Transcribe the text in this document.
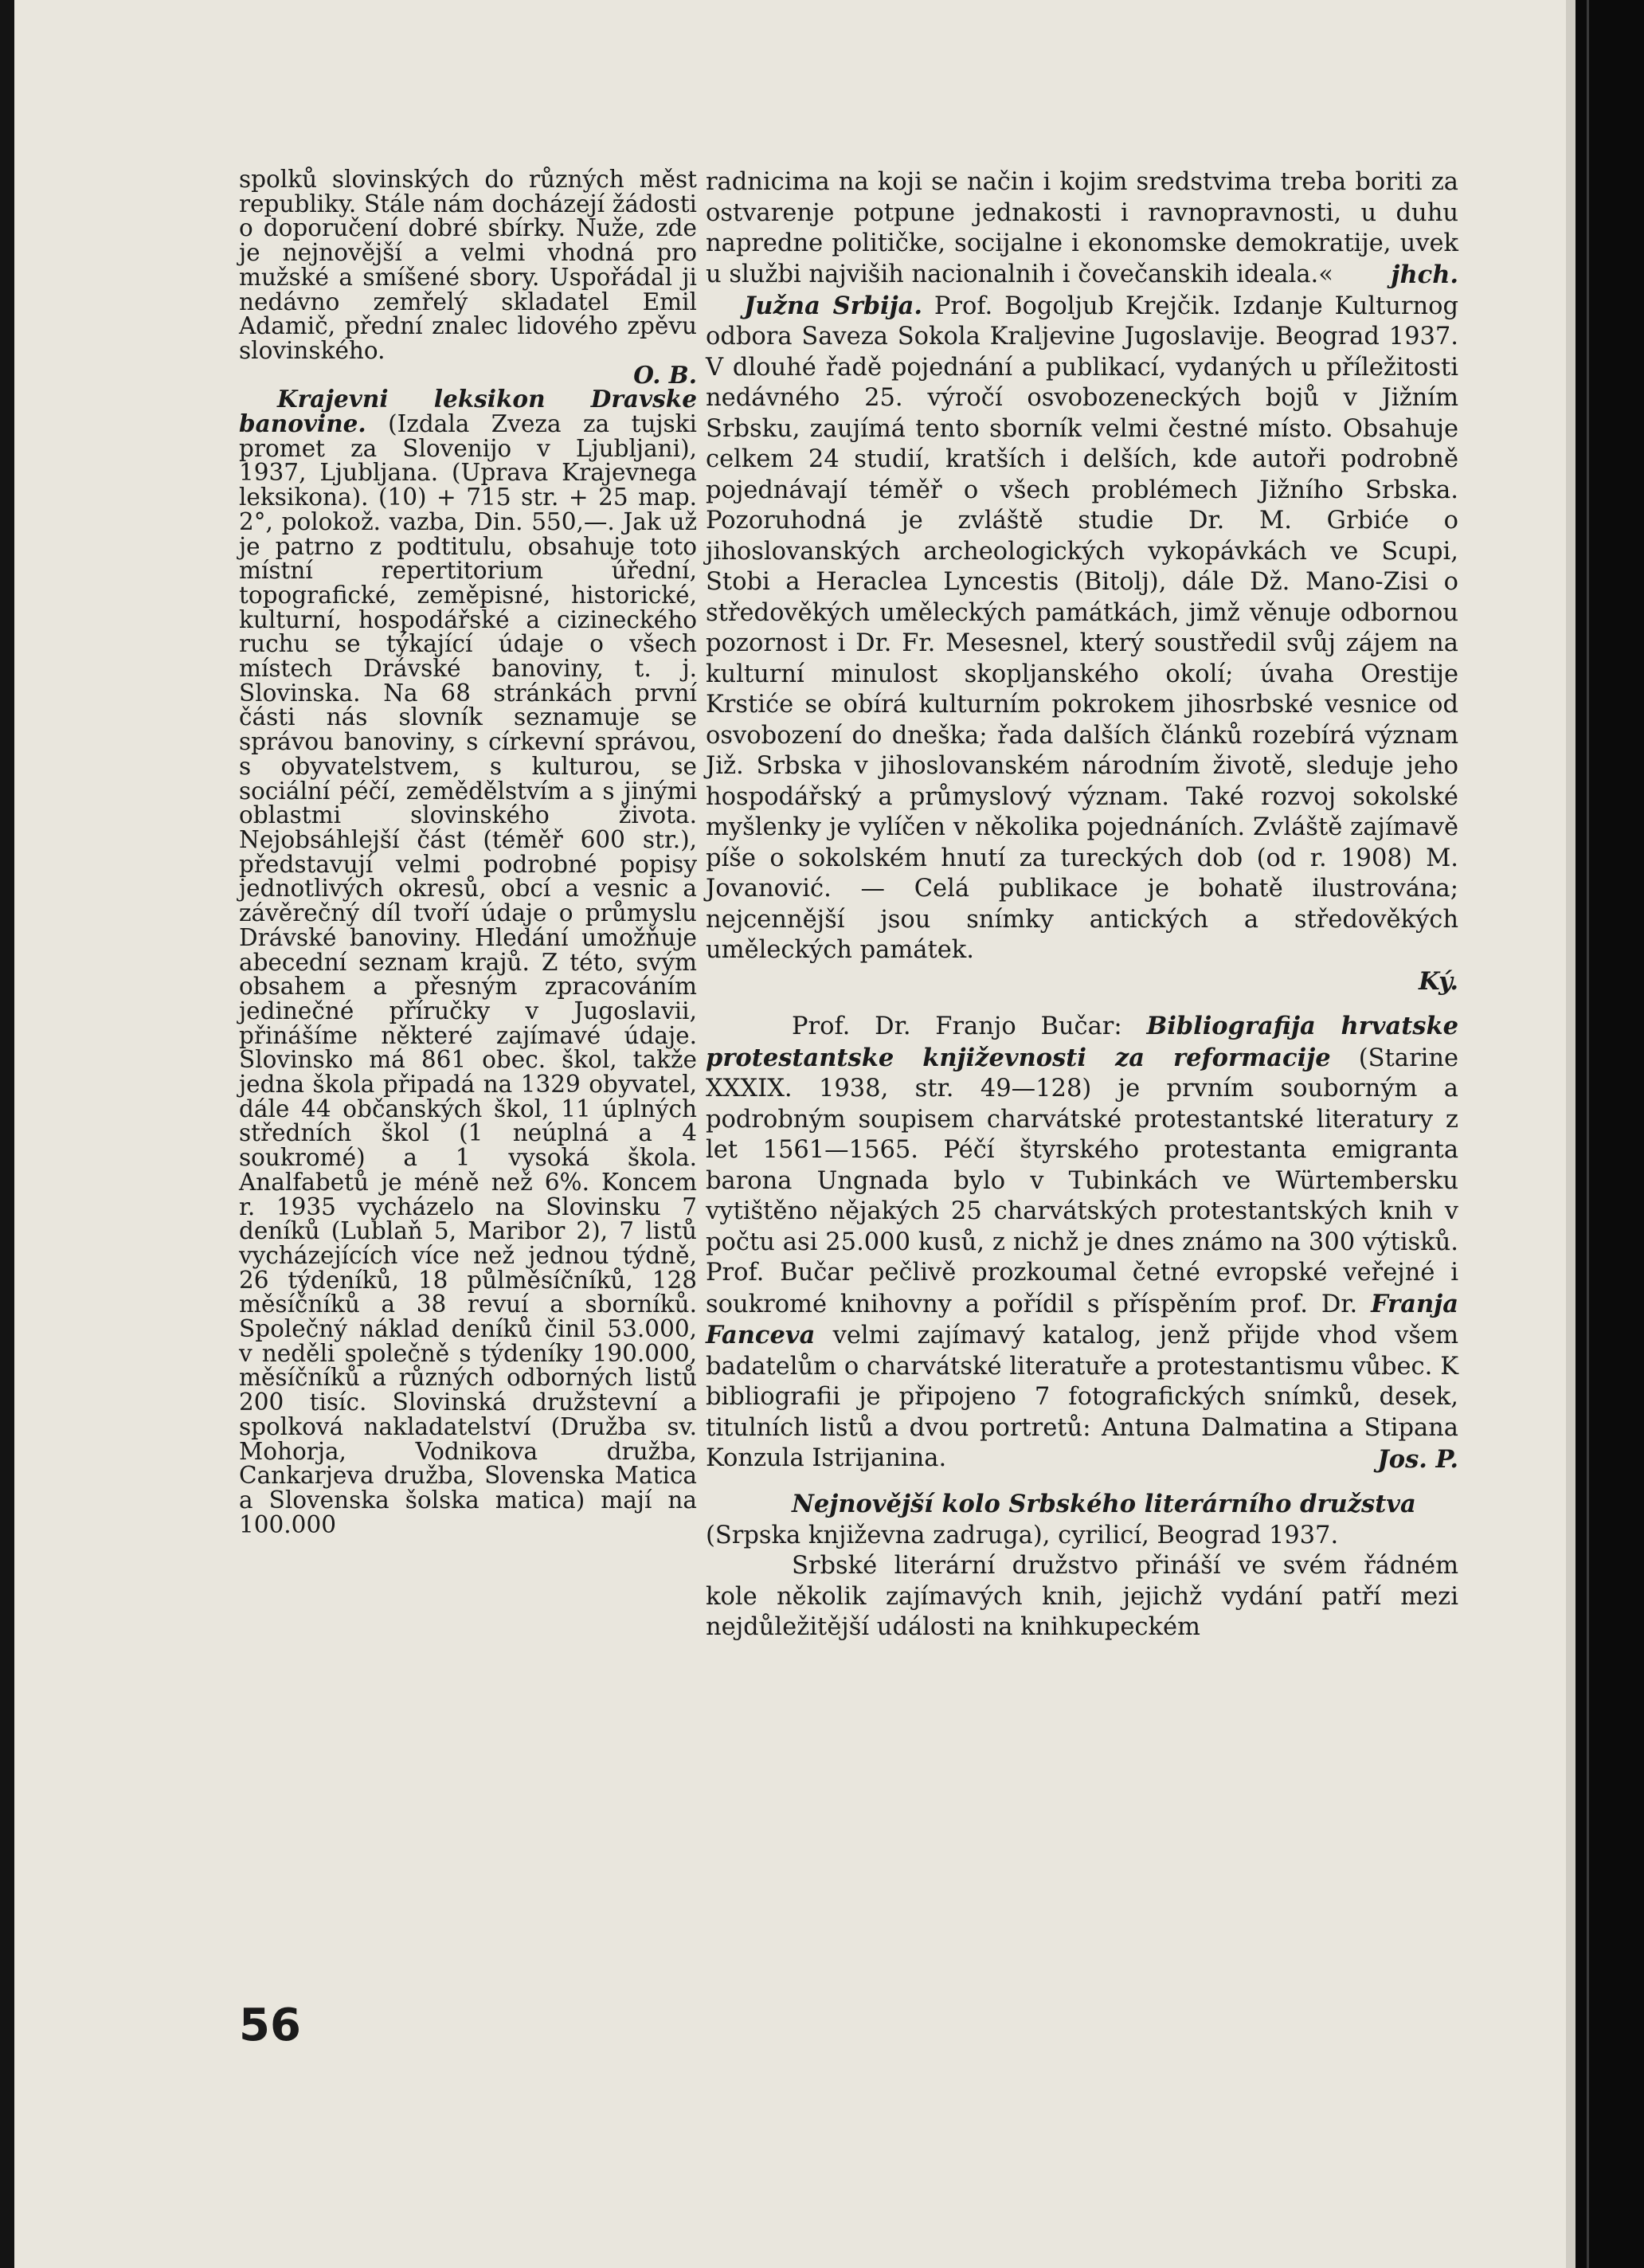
spolků slovinských do různých měst republiky. Stále nám docházejí žádosti o doporučení dobré sbírky. Nuže, zde je nejnovější a velmi vhodná pro mužské a smíšené sbory. Uspořádal ji nedávno zemřelý skladatel Emil Adamič, přední znalec lidového zpěvu slovinského.

O. B.

Krajevni leksikon Dravske banovine. (Izdala Zveza za tujski promet za Slovenijo v Ljubljani), 1937, Ljubljana. (Uprava Krajevnega leksikona). (10) + 715 str. + 25 map. 2°, polokož. vazba, Din. 550,—. Jak už je patrno z podtitulu, obsahuje toto místní repertitorium úřední, topografické, zeměpisné, historické, kulturní, hospodářské a cizineckého ruchu se týkající údaje o všech místech Drávské banoviny, t. j. Slovinska. Na 68 stránkách první části nás slovník seznamuje se správou banoviny, s církevní správou, s obyvatelstvem, s kulturou, se sociální péčí, zemědělstvím a s jinými oblastmi slovinského života. Nejobsáhlejší část (téměř 600 str.), představují velmi podrobné popisy jednotlivých okresů, obcí a vesnic a závěrečný díl tvoří údaje o průmyslu Drávské banoviny. Hledání umožňuje abecední seznam krajů. Z této, svým obsahem a přesným zpracováním jedinečné příručky v Jugoslavii, přinášíme některé zajímavé údaje. Slovinsko má 861 obec. škol, takže jedna škola připadá na 1329 obyvatel, dále 44 občanských škol, 11 úplných středních škol (1 neúplná a 4 soukromé) a 1 vysoká škola. Analfabetů je méně než 6%. Koncem r. 1935 vycházelo na Slovinsku 7 deníků (Lublaň 5, Maribor 2), 7 listů vycházejících více než jednou týdně, 26 týdeníků, 18 půlměsíčníků, 128 měsíčníků a 38 revuí a sborníků. Společný náklad deníků činil 53.000, v neděli společně s týdeníky 190.000, měsíčníků a různých odborných listů 200 tisíc. Slovinská družstevní a spolková nakladatelství (Družba sv. Mohorja, Vodnikova družba, Cankarjeva družba, Slovenska Matica a Slovenska šolska matica) mají na 100.000

radnicima na koji se način i kojim sredstvima treba boriti za ostvarenje potpune jednakosti i ravnopravnosti, u duhu napredne političke, socijalne i ekonomske demokratije, uvek u službi najviših nacionalnih i čovečanskih ideala.«	jhch.

Južna Srbija. Prof. Bogoljub Krejčik. Izdanje Kulturnog odbora Saveza Sokola Kraljevine Jugoslavije. Beograd 1937. V dlouhé řadě pojednání a publikací, vydaných u příležitosti nedávného 25. výročí osvobozeneckých bojů v Jižním Srbsku, zaujímá tento sborník velmi čestné místo. Obsahuje celkem 24 studií, kratších i delších, kde autoři podrobně pojednávají téměř o všech problémech Jižního Srbska. Pozoruhodná je zvláště studie Dr. M. Grbiće o jihoslovanských archeologických vykopávkách ve Scupi, Stobi a Heraclea Lyncestis (Bitolj), dále Dž. Mano-Zisi o středověkých uměleckých památkách, jimž věnuje odbornou pozornost i Dr. Fr. Mesesnel, který soustředil svůj zájem na kulturní minulost skopljanského okolí; úvaha Orestije Krstiće se obírá kulturním pokrokem jihosrbské vesnice od osvobození do dneška; řada dalších článků rozebírá význam Již. Srbska v jihoslovanském národním životě, sleduje jeho hospodářský a průmyslový význam. Také rozvoj sokolské myšlenky je vylíčen v několika pojednáních. Zvláště zajímavě píše o sokolském hnutí za tureckých dob (od r. 1908) M. Jovanović. — Celá publikace je bohatě ilustrována; nejcennější jsou snímky antických a středověkých uměleckých památek.

Ký.

Prof. Dr. Franjo Bučar: Bibliografija hrvatske protestantske književnosti za reformacije (Starine XXXIX. 1938, str. 49—128) je prvním souborným a podrobným soupisem charvátské protestantské literatury z let 1561—1565. Péčí štyrského protestanta emigranta barona Ungnada bylo v Tubinkách ve Würtembersku vytištěno nějakých 25 charvátských protestantských knih v počtu asi 25.000 kusů, z nichž je dnes známo na 300 výtisků. Prof. Bučar pečlivě prozkoumal četné evropské veřejné i soukromé knihovny a pořídil s příspěním prof. Dr. Franja Fanceva velmi zajímavý katalog, jenž přijde vhod všem badatelům o charvátské literatuře a protestantismu vůbec. K bibliografii je připojeno 7 fotografických snímků, desek, titulních listů a dvou portretů: Antuna Dalmatina a Stipana Konzula Istrijanina.	Jos. P.

Nejnovější kolo Srbského literárního družstva

(Srpska književna zadruga), cyrilicí, Beograd 1937.

Srbské literární družstvo přináší ve svém řádném kole několik zajímavých knih, jejichž vydání patří mezi nejdůležitější události na knihkupeckém

56
